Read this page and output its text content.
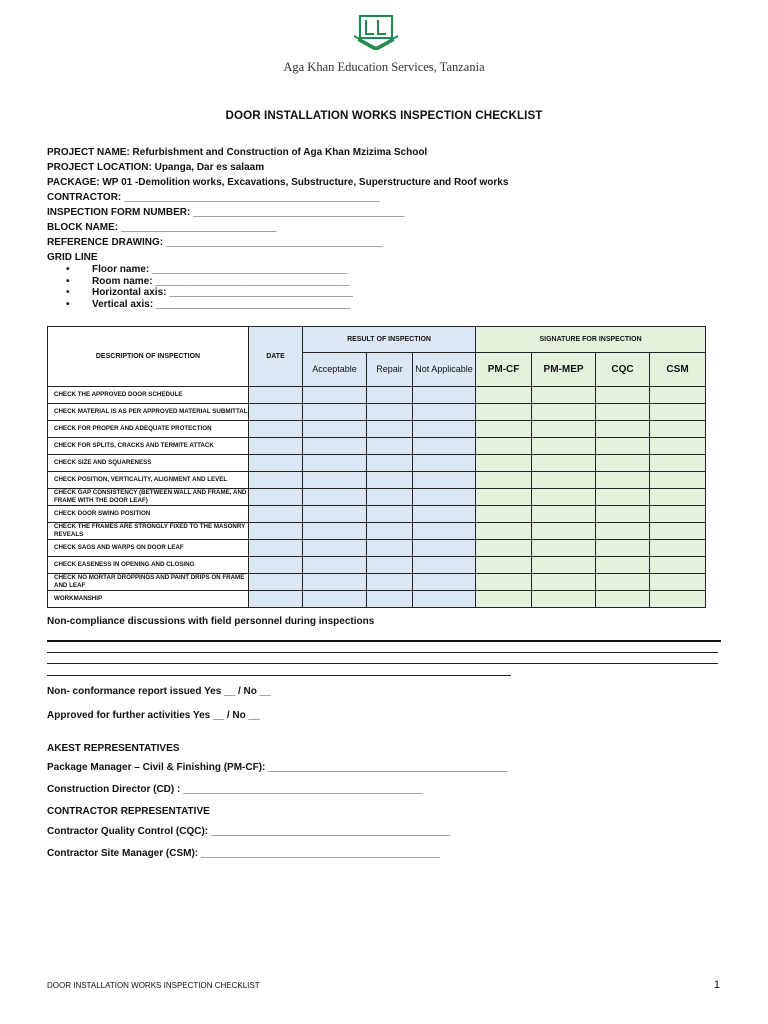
Aga Khan Education Services, Tanzania
DOOR INSTALLATION WORKS INSPECTION CHECKLIST
PROJECT NAME: Refurbishment and Construction of Aga Khan Mzizima School
PROJECT LOCATION: Upanga, Dar es salaam
PACKAGE: WP 01 -Demolition works, Excavations, Substructure, Superstructure and Roof works
CONTRACTOR: ______________________________________________
INSPECTION FORM NUMBER: ______________________________________
BLOCK NAME: ____________________________
REFERENCE DRAWING: _______________________________________
GRID LINE
• Floor name: ___________________________________
• Room name: ___________________________________
• Horizontal axis: _________________________________
• Vertical axis: ___________________________________
DESCRIPTION OF INSPECTION	DATE	RESULT OF INSPECTION			SIGNATURE FOR INSPECTION			
		Acceptable	Repair	Not Applicable	PM-CF	PM-MEP	CQC	CSM
CHECK THE APPROVED DOOR SCHEDULE								
CHECK MATERIAL IS AS PER APPROVED MATERIAL SUBMITTAL								
CHECK FOR PROPER AND ADEQUATE PROTECTION								
CHECK FOR SPLITS, CRACKS AND TERMITE ATTACK								
CHECK SIZE AND SQUARENESS								
CHECK POSITION, VERTICALITY, ALIGNMENT AND LEVEL								
CHECK GAP CONSISTENCY (BETWEEN WALL AND FRAME, AND FRAME WITH THE DOOR LEAF)								
CHECK DOOR SWING POSITION								
CHECK THE FRAMES ARE STRONGLY FIXED TO THE MASONRY REVEALS								
CHECK SAGS AND WARPS ON DOOR LEAF								
CHECK EASENESS IN OPENING AND CLOSING								
CHECK NO MORTAR DROPPINGS AND PAINT DRIPS ON FRAME AND LEAF								
WORKMANSHIP								
Non-compliance discussions with field personnel during inspections
Non- conformance report issued Yes __ / No __
Approved for further activities Yes __ / No __
AKEST REPRESENTATIVES
Package Manager – Civil & Finishing (PM-CF): ___________________________________________
Construction Director (CD) : ___________________________________________
CONTRACTOR REPRESENTATIVE
Contractor Quality Control (CQC): ___________________________________________
Contractor Site Manager (CSM): ___________________________________________
DOOR INSTALLATION WORKS INSPECTION CHECKLIST	1
